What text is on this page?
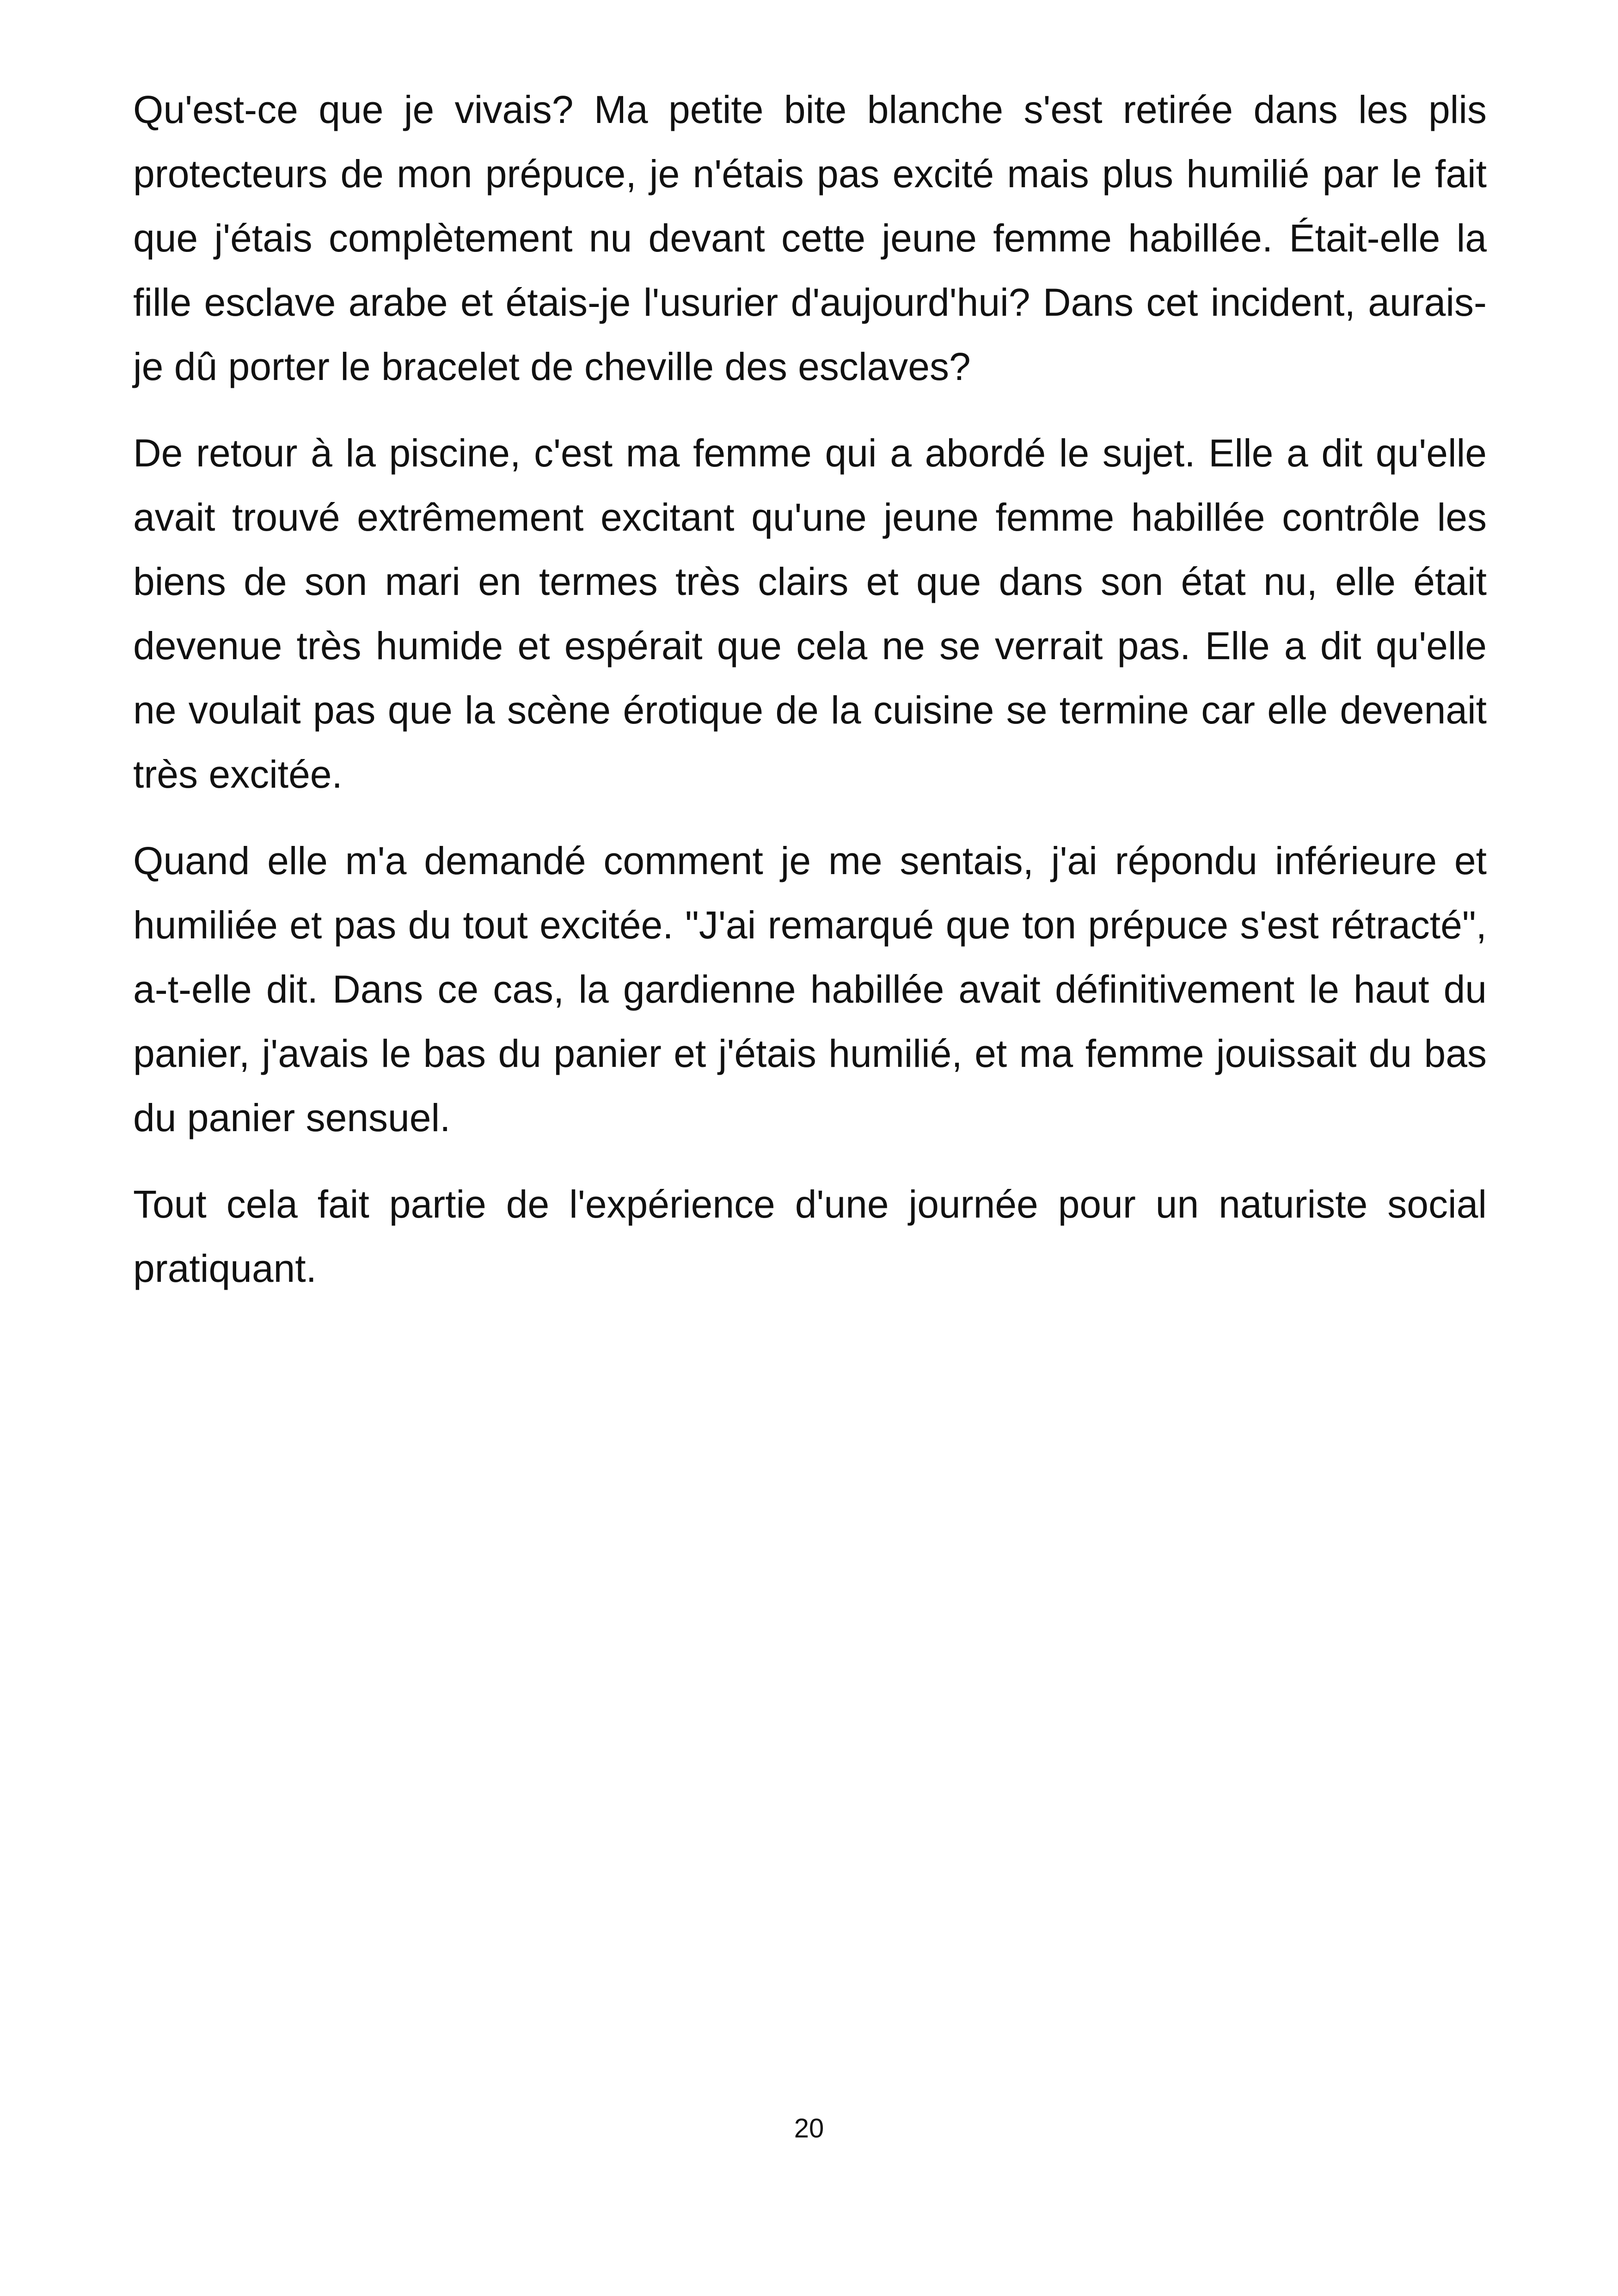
Qu'est-ce que je vivais? Ma petite bite blanche s'est retirée dans les plis protecteurs de mon prépuce, je n'étais pas excité mais plus humilié par le fait que j'étais complètement nu devant cette jeune femme habillée. Était-elle la fille esclave arabe et étais-je l'usurier d'aujourd'hui? Dans cet incident, aurais-je dû porter le bracelet de cheville des esclaves?

De retour à la piscine, c'est ma femme qui a abordé le sujet. Elle a dit qu'elle avait trouvé extrêmement excitant qu'une jeune femme habillée contrôle les biens de son mari en termes très clairs et que dans son état nu, elle était devenue très humide et espérait que cela ne se verrait pas. Elle a dit qu'elle ne voulait pas que la scène érotique de la cuisine se termine car elle devenait très excitée.

Quand elle m'a demandé comment je me sentais, j'ai répondu inférieure et humiliée et pas du tout excitée. "J'ai remarqué que ton prépuce s'est rétracté", a-t-elle dit. Dans ce cas, la gardienne habillée avait définitivement le haut du panier, j'avais le bas du panier et j'étais humilié, et ma femme jouissait du bas du panier sensuel.

Tout cela fait partie de l'expérience d'une journée pour un naturiste social pratiquant.

20
